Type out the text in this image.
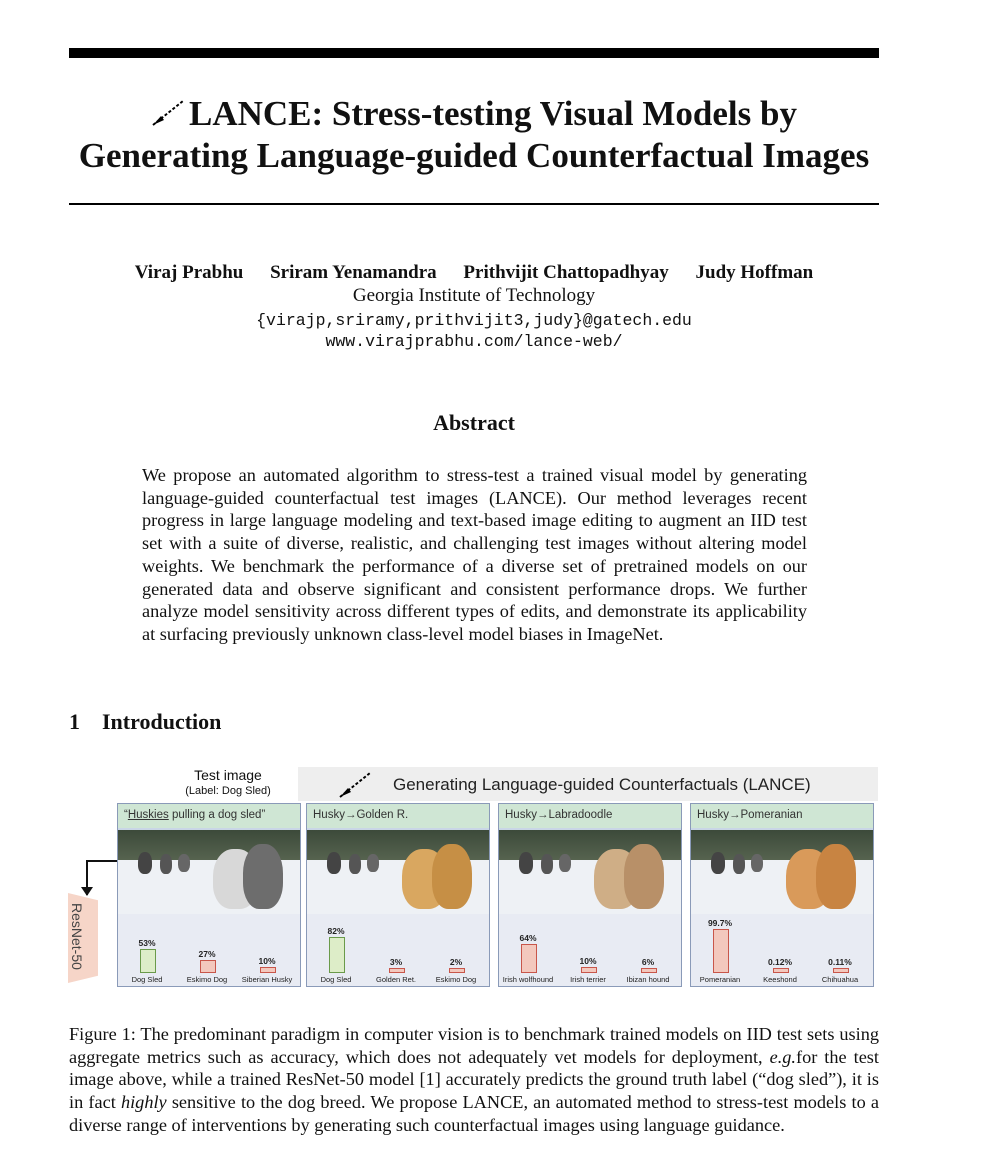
LANCE: Stress-testing Visual Models by
Generating Language-guided Counterfactual Images
Viraj Prabhu Sriram Yenamandra Prithvijit Chattopadhyay Judy Hoffman
Georgia Institute of Technology
{virajp,sriramy,prithvijit3,judy}@gatech.edu
www.virajprabhu.com/lance-web/
Abstract
We propose an automated algorithm to stress-test a trained visual model by generating language-guided counterfactual test images (LANCE). Our method leverages recent progress in large language modeling and text-based image editing to augment an IID test set with a suite of diverse, realistic, and challenging test images without altering model weights. We benchmark the performance of a diverse set of pretrained models on our generated data and observe significant and consistent performance drops. We further analyze model sensitivity across different types of edits, and demonstrate its applicability at surfacing previously unknown class-level model biases in ImageNet.
1 Introduction
Test image
(Label: Dog Sled)	Generating Language-guided Counterfactuals (LANCE)
ResNet-50
“Huskies pulling a dog sled”
53%
Dog Sled
27%
Eskimo Dog
10%
Siberian Husky
Husky→Golden R.
82%
Dog Sled
3%
Golden Ret.
2%
Eskimo Dog
Husky→Labradoodle
64%
Irish wolfhound
10%
Irish terrier
6%
Ibizan hound
Husky→Pomeranian
99.7%
Pomeranian
0.12%
Keeshond
0.11%
Chihuahua
Figure 1: The predominant paradigm in computer vision is to benchmark trained models on IID test sets using aggregate metrics such as accuracy, which does not adequately vet models for deployment, e.g.for the test image above, while a trained ResNet-50 model [1] accurately predicts the ground truth label (“dog sled”), it is in fact highly sensitive to the dog breed. We propose LANCE, an automated method to stress-test models to a diverse range of interventions by generating such counterfactual images using language guidance.
